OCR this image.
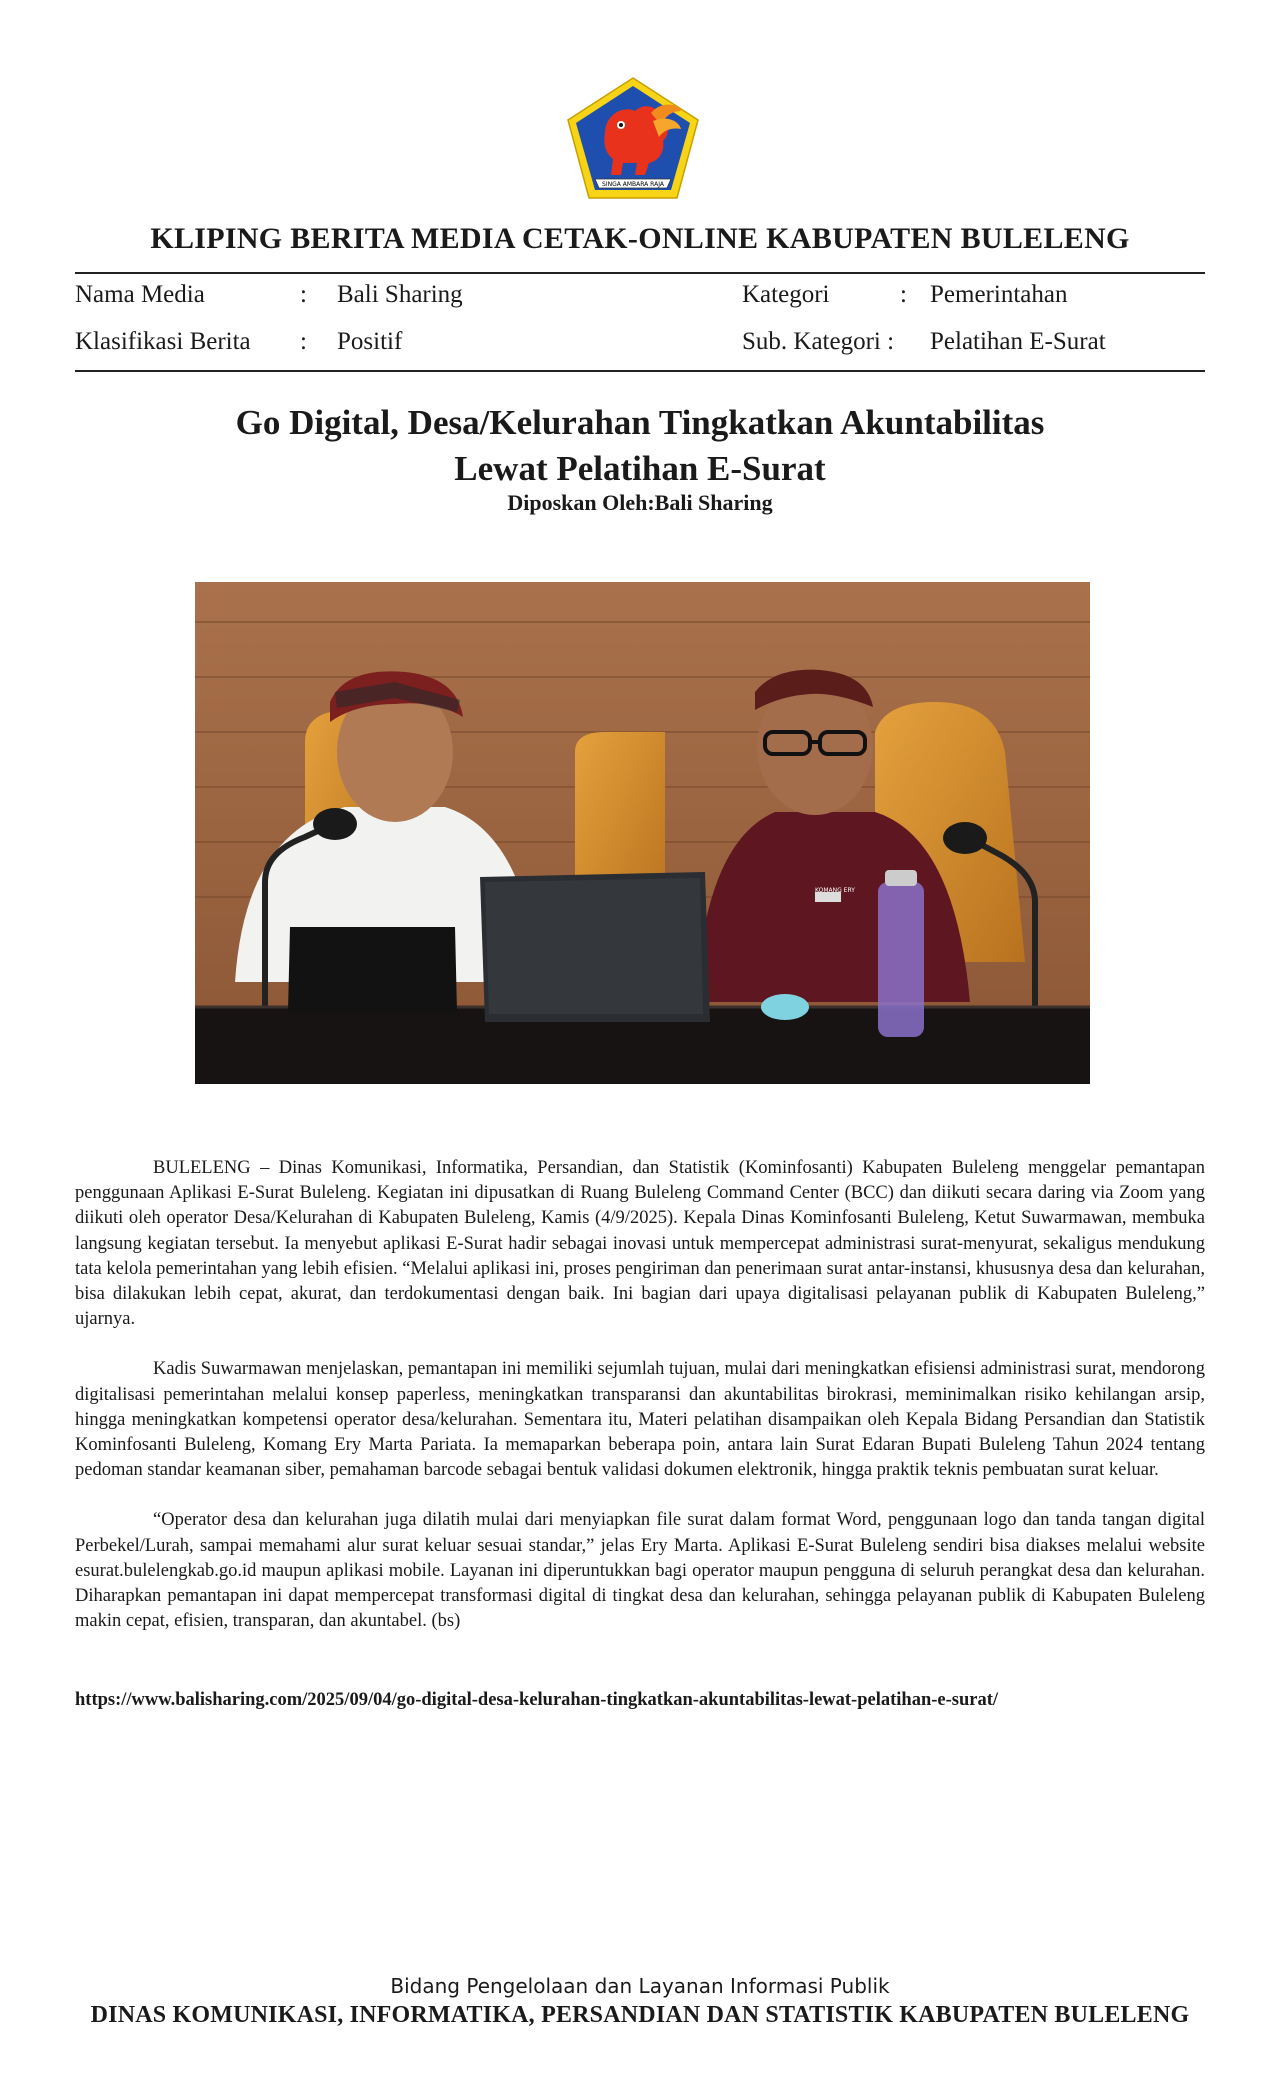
SINGA AMBARA RAJA
KLIPING BERITA MEDIA CETAK-ONLINE KABUPATEN BULELENG
Nama Media	: Bali Sharing	Kategori	: Pemerintahan
Klasifikasi Berita : Positif	Sub. Kategori : Pelatihan E-Surat
Go Digital, Desa/Kelurahan Tingkatkan Akuntabilitas
Lewat Pelatihan E-Surat
Diposkan Oleh:Bali Sharing
KOMANG ERY

BULELENG – Dinas Komunikasi, Informatika, Persandian, dan Statistik (Kominfosanti) Kabupaten Buleleng menggelar pemantapan penggunaan Aplikasi E-Surat Buleleng. Kegiatan ini dipusatkan di Ruang Buleleng Command Center (BCC) dan diikuti secara daring via Zoom yang diikuti oleh operator Desa/Kelurahan di Kabupaten Buleleng, Kamis (4/9/2025). Kepala Dinas Kominfosanti Buleleng, Ketut Suwarmawan, membuka langsung kegiatan tersebut. Ia menyebut aplikasi E-Surat hadir sebagai inovasi untuk mempercepat administrasi surat-menyurat, sekaligus mendukung tata kelola pemerintahan yang lebih efisien. “Melalui aplikasi ini, proses pengiriman dan penerimaan surat antar-instansi, khususnya desa dan kelurahan, bisa dilakukan lebih cepat, akurat, dan terdokumentasi dengan baik. Ini bagian dari upaya digitalisasi pelayanan publik di Kabupaten Buleleng,” ujarnya.

Kadis Suwarmawan menjelaskan, pemantapan ini memiliki sejumlah tujuan, mulai dari meningkatkan efisiensi administrasi surat, mendorong digitalisasi pemerintahan melalui konsep paperless, meningkatkan transparansi dan akuntabilitas birokrasi, meminimalkan risiko kehilangan arsip, hingga meningkatkan kompetensi operator desa/kelurahan. Sementara itu, Materi pelatihan disampaikan oleh Kepala Bidang Persandian dan Statistik Kominfosanti Buleleng, Komang Ery Marta Pariata. Ia memaparkan beberapa poin, antara lain Surat Edaran Bupati Buleleng Tahun 2024 tentang pedoman standar keamanan siber, pemahaman barcode sebagai bentuk validasi dokumen elektronik, hingga praktik teknis pembuatan surat keluar.

“Operator desa dan kelurahan juga dilatih mulai dari menyiapkan file surat dalam format Word, penggunaan logo dan tanda tangan digital Perbekel/Lurah, sampai memahami alur surat keluar sesuai standar,” jelas Ery Marta. Aplikasi E-Surat Buleleng sendiri bisa diakses melalui website esurat.bulelengkab.go.id maupun aplikasi mobile. Layanan ini diperuntukkan bagi operator maupun pengguna di seluruh perangkat desa dan kelurahan. Diharapkan pemantapan ini dapat mempercepat transformasi digital di tingkat desa dan kelurahan, sehingga pelayanan publik di Kabupaten Buleleng makin cepat, efisien, transparan, dan akuntabel. (bs)

https://www.balisharing.com/2025/09/04/go-digital-desa-kelurahan-tingkatkan-akuntabilitas-lewat-pelatihan-e-surat/
Bidang Pengelolaan dan Layanan Informasi Publik
DINAS KOMUNIKASI, INFORMATIKA, PERSANDIAN DAN STATISTIK KABUPATEN BULELENG
